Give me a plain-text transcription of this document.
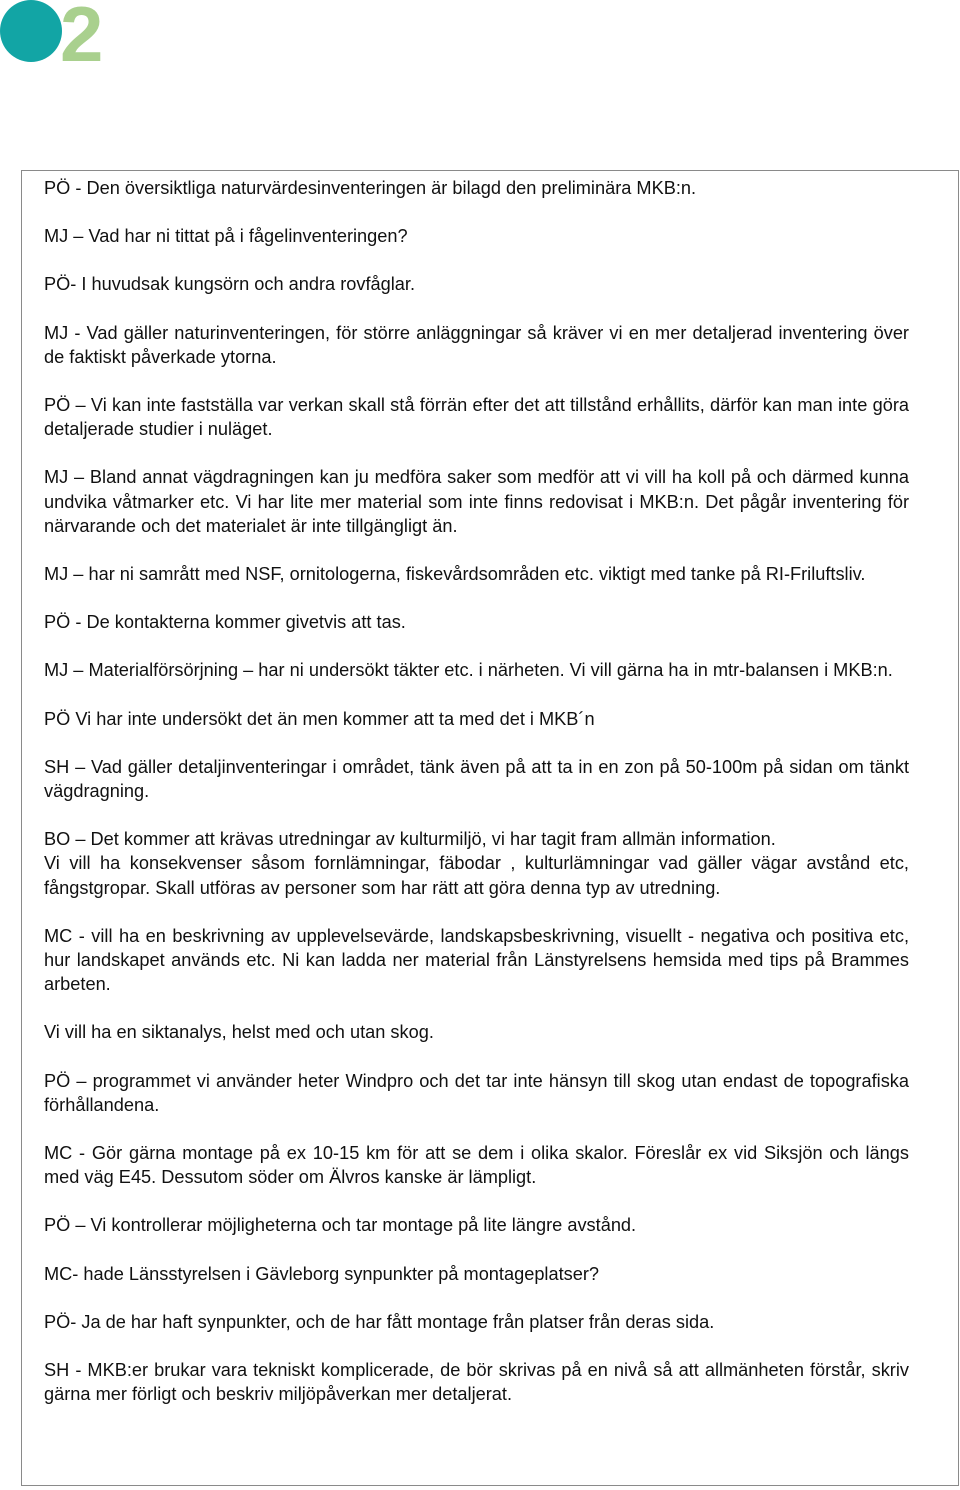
2

PÖ - Den översiktliga naturvärdesinventeringen är bilagd den preliminära MKB:n.

MJ – Vad har ni tittat på i fågelinventeringen?

PÖ- I huvudsak kungsörn och andra rovfåglar.

MJ - Vad gäller naturinventeringen, för större anläggningar så kräver vi en mer detaljerad inventering över de faktiskt påverkade ytorna.

PÖ – Vi kan inte fastställa var verkan skall stå förrän efter det att tillstånd erhållits, därför kan man inte göra detaljerade studier i nuläget.

MJ – Bland annat vägdragningen kan ju medföra saker som medför att vi vill ha koll på och därmed kunna undvika våtmarker etc. Vi har lite mer material som inte finns redovisat i MKB:n. Det pågår inventering för närvarande och det materialet är inte tillgängligt än.

MJ – har ni samrått med NSF, ornitologerna, fiskevårdsområden etc. viktigt med tanke på RI-Friluftsliv.

PÖ - De kontakterna kommer givetvis att tas.

MJ – Materialförsörjning – har ni undersökt täkter etc. i närheten. Vi vill gärna ha in mtr-balansen i MKB:n.

PÖ Vi har inte undersökt det än men kommer att ta med det i MKB´n

SH – Vad gäller detaljinventeringar i området, tänk även på att ta in en zon på 50-100m på sidan om tänkt vägdragning.

BO – Det kommer att krävas utredningar av kulturmiljö, vi har tagit fram allmän information.

Vi vill ha konsekvenser såsom fornlämningar, fäbodar , kulturlämningar vad gäller vägar avstånd etc, fångstgropar. Skall utföras av personer som har rätt att göra denna typ av utredning.

MC - vill ha en beskrivning av upplevelsevärde, landskapsbeskrivning, visuellt - negativa och positiva etc, hur landskapet används etc. Ni kan ladda ner material från Länstyrelsens hemsida med tips på Brammes arbeten.

Vi vill ha en siktanalys, helst med och utan skog.

PÖ – programmet vi använder heter Windpro och det tar inte hänsyn till skog utan endast de topografiska förhållandena.

MC - Gör gärna montage på ex 10-15 km för att se dem i olika skalor. Föreslår ex vid Siksjön och längs med väg E45. Dessutom söder om Älvros kanske är lämpligt.

PÖ – Vi kontrollerar möjligheterna och tar montage på lite längre avstånd.

MC- hade Länsstyrelsen i Gävleborg synpunkter på montageplatser?

PÖ- Ja de har haft synpunkter, och de har fått montage från platser från deras sida.

SH - MKB:er brukar vara tekniskt komplicerade, de bör skrivas på en nivå så att allmänheten förstår, skriv gärna mer förligt och beskriv miljöpåverkan mer detaljerat.
